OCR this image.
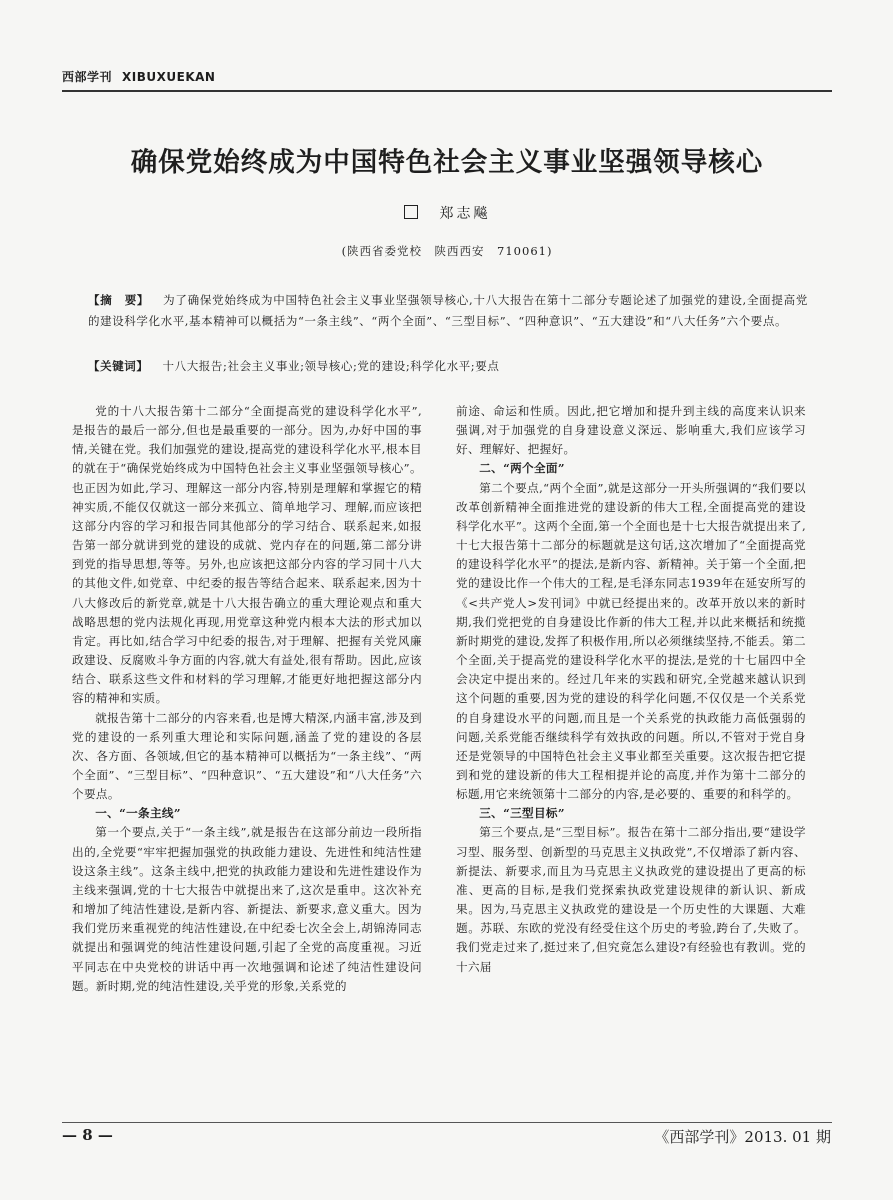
西部学刊 XIBUXUEKAN
确保党始终成为中国特色社会主义事业坚强领导核心
郑志飚
(陕西省委党校　陕西西安　710061)
【摘　要】 为了确保党始终成为中国特色社会主义事业坚强领导核心,十八大报告在第十二部分专题论述了加强党的建设,全面提高党的建设科学化水平,基本精神可以概括为“一条主线”、“两个全面”、“三型目标”、“四种意识”、“五大建设”和“八大任务”六个要点。
【关键词】 十八大报告;社会主义事业;领导核心;党的建设;科学化水平;要点

党的十八大报告第十二部分“全面提高党的建设科学化水平”,是报告的最后一部分,但也是最重要的一部分。因为,办好中国的事情,关键在党。我们加强党的建设,提高党的建设科学化水平,根本目的就在于“确保党始终成为中国特色社会主义事业坚强领导核心”。也正因为如此,学习、理解这一部分内容,特别是理解和掌握它的精神实质,不能仅仅就这一部分来孤立、简单地学习、理解,而应该把这部分内容的学习和报告同其他部分的学习结合、联系起来,如报告第一部分就讲到党的建设的成就、党内存在的问题,第二部分讲到党的指导思想,等等。另外,也应该把这部分内容的学习同十八大的其他文件,如党章、中纪委的报告等结合起来、联系起来,因为十八大修改后的新党章,就是十八大报告确立的重大理论观点和重大战略思想的党内法规化再现,用党章这种党内根本大法的形式加以肯定。再比如,结合学习中纪委的报告,对于理解、把握有关党风廉政建设、反腐败斗争方面的内容,就大有益处,很有帮助。因此,应该结合、联系这些文件和材料的学习理解,才能更好地把握这部分内容的精神和实质。

就报告第十二部分的内容来看,也是博大精深,内涵丰富,涉及到党的建设的一系列重大理论和实际问题,涵盖了党的建设的各层次、各方面、各领域,但它的基本精神可以概括为“一条主线”、“两个全面”、“三型目标”、“四种意识”、“五大建设”和“八大任务”六个要点。

一、“一条主线”

第一个要点,关于“一条主线”,就是报告在这部分前边一段所指出的,全党要“牢牢把握加强党的执政能力建设、先进性和纯洁性建设这条主线”。这条主线中,把党的执政能力建设和先进性建设作为主线来强调,党的十七大报告中就提出来了,这次是重申。这次补充和增加了纯洁性建设,是新内容、新提法、新要求,意义重大。因为我们党历来重视党的纯洁性建设,在中纪委七次全会上,胡锦涛同志就提出和强调党的纯洁性建设问题,引起了全党的高度重视。习近平同志在中央党校的讲话中再一次地强调和论述了纯洁性建设问题。新时期,党的纯洁性建设,关乎党的形象,关系党的

前途、命运和性质。因此,把它增加和提升到主线的高度来认识来强调,对于加强党的自身建设意义深远、影响重大,我们应该学习好、理解好、把握好。

二、“两个全面”

第二个要点,“两个全面”,就是这部分一开头所强调的“我们要以改革创新精神全面推进党的建设新的伟大工程,全面提高党的建设科学化水平”。这两个全面,第一个全面也是十七大报告就提出来了,十七大报告第十二部分的标题就是这句话,这次增加了“全面提高党的建设科学化水平”的提法,是新内容、新精神。关于第一个全面,把党的建设比作一个伟大的工程,是毛泽东同志1939年在延安所写的《<共产党人>发刊词》中就已经提出来的。改革开放以来的新时期,我们党把党的自身建设比作新的伟大工程,并以此来概括和统揽新时期党的建设,发挥了积极作用,所以必须继续坚持,不能丢。第二个全面,关于提高党的建设科学化水平的提法,是党的十七届四中全会决定中提出来的。经过几年来的实践和研究,全党越来越认识到这个问题的重要,因为党的建设的科学化问题,不仅仅是一个关系党的自身建设水平的问题,而且是一个关系党的执政能力高低强弱的问题,关系党能否继续科学有效执政的问题。所以,不管对于党自身还是党领导的中国特色社会主义事业都至关重要。这次报告把它提到和党的建设新的伟大工程相提并论的高度,并作为第十二部分的标题,用它来统领第十二部分的内容,是必要的、重要的和科学的。

三、“三型目标”

第三个要点,是“三型目标”。报告在第十二部分指出,要“建设学习型、服务型、创新型的马克思主义执政党”,不仅增添了新内容、新提法、新要求,而且为马克思主义执政党的建设提出了更高的标准、更高的目标,是我们党探索执政党建设规律的新认识、新成果。因为,马克思主义执政党的建设是一个历史性的大课题、大难题。苏联、东欧的党没有经受住这个历史的考验,跨台了,失败了。我们党走过来了,挺过来了,但究竟怎么建设?有经验也有教训。党的十六届

— 8 —	《西部学刊》2013. 01 期
